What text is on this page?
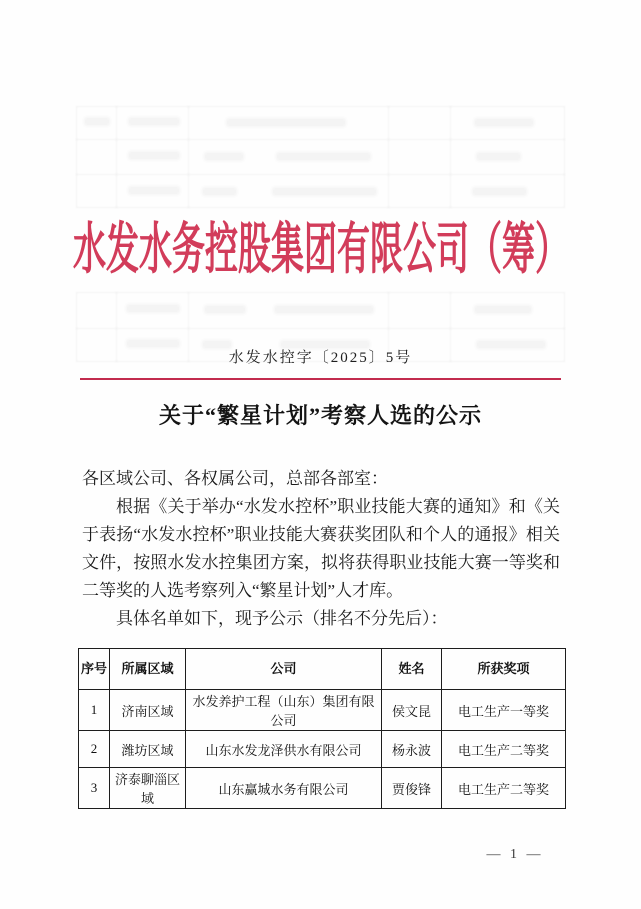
水发水务控股集团有限公司（筹）
水发水控字〔2025〕5号
关于“繁星计划”考察人选的公示

各区域公司、各权属公司，总部各部室：

根据《关于举办“水发水控杯”职业技能大赛的通知》和《关于表扬“水发水控杯”职业技能大赛获奖团队和个人的通报》相关文件，按照水发水控集团方案，拟将获得职业技能大赛一等奖和二等奖的人选考察列入“繁星计划”人才库。

具体名单如下，现予公示（排名不分先后）：

序号	所属区域	公司	姓名	所获奖项
1	济南区域	水发养护工程（山东）集团有限公司	侯文昆	电工生产一等奖
2	潍坊区域	山东水发龙泽供水有限公司	杨永波	电工生产二等奖
3	济泰聊淄区域	山东赢城水务有限公司	贾俊锋	电工生产二等奖
— 1 —
